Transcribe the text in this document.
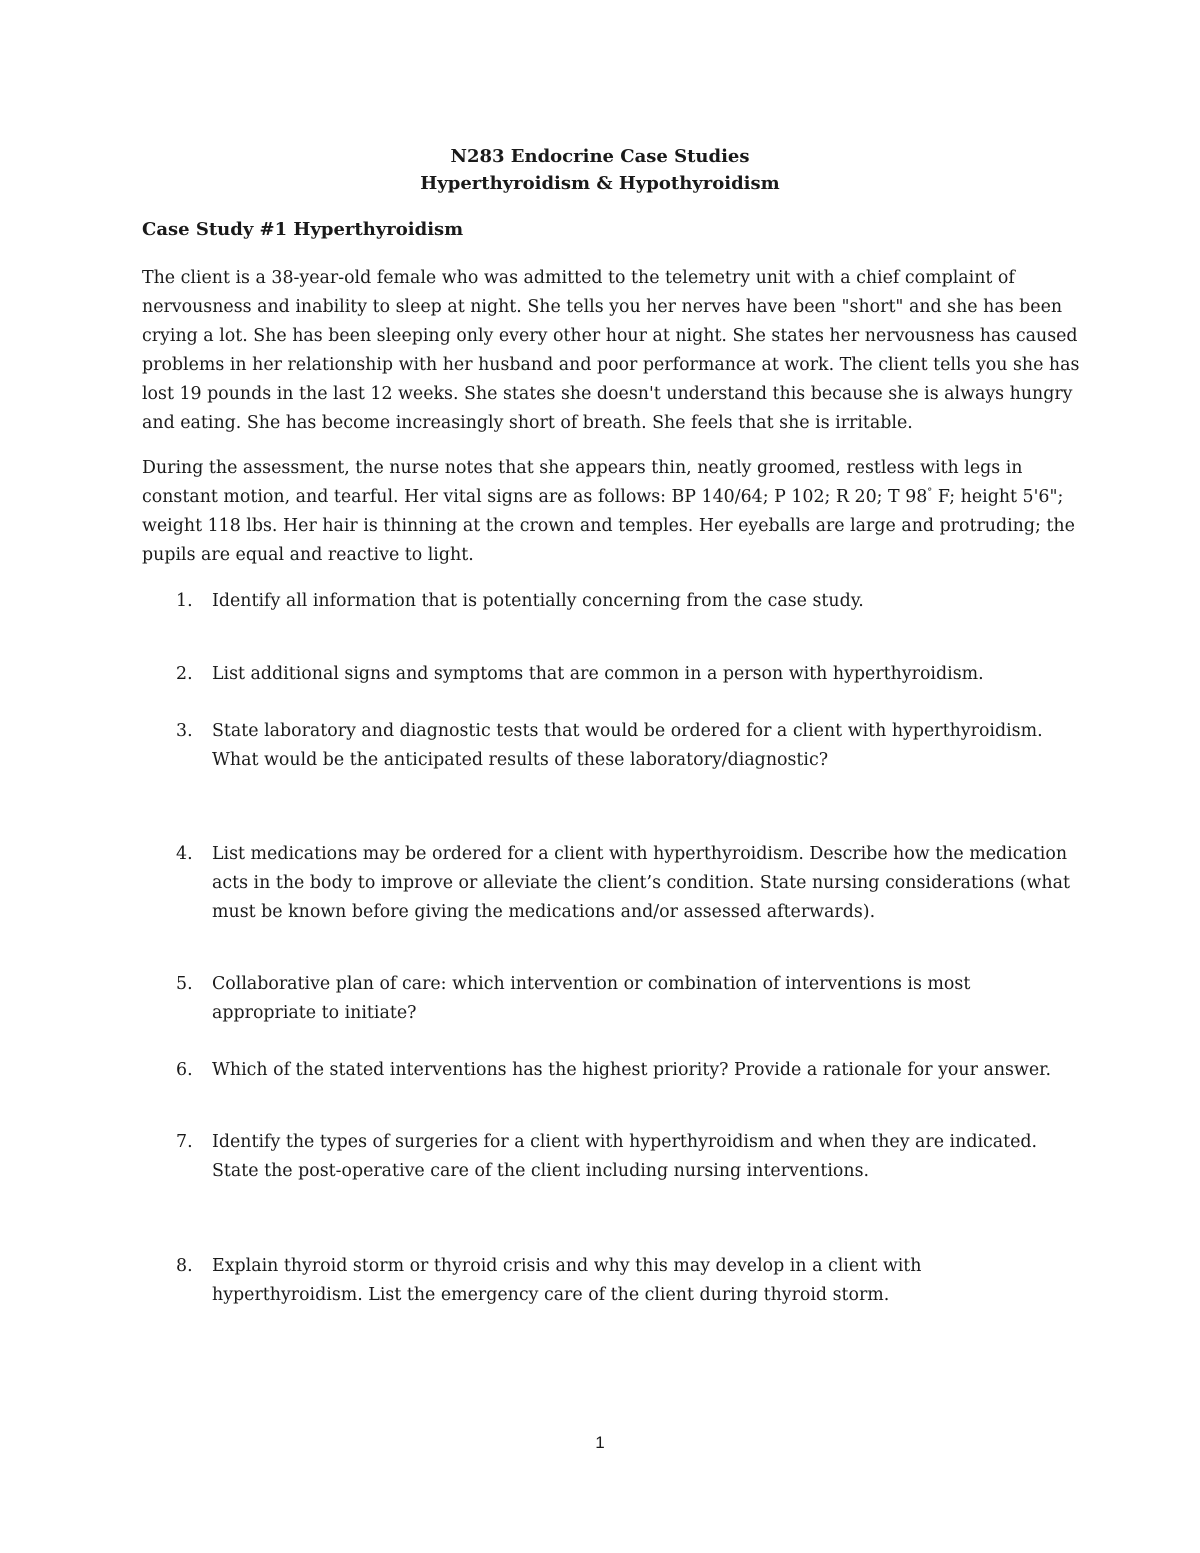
N283 Endocrine Case Studies
Hyperthyroidism & Hypothyroidism
Case Study #1 Hyperthyroidism

The client is a 38-year-old female who was admitted to the telemetry unit with a chief complaint of
nervousness and inability to sleep at night. She tells you her nerves have been "short" and she has been
crying a lot. She has been sleeping only every other hour at night. She states her nervousness has caused
problems in her relationship with her husband and poor performance at work. The client tells you she has
lost 19 pounds in the last 12 weeks. She states she doesn't understand this because she is always hungry
and eating. She has become increasingly short of breath. She feels that she is irritable.

During the assessment, the nurse notes that she appears thin, neatly groomed, restless with legs in
constant motion, and tearful. Her vital signs are as follows: BP 140/64; P 102; R 20; T 98° F; height 5'6";
weight 118 lbs. Her hair is thinning at the crown and temples. Her eyeballs are large and protruding; the
pupils are equal and reactive to light.

1.	Identify all information that is potentially concerning from the case study.
2.	List additional signs and symptoms that are common in a person with hyperthyroidism.
3.	State laboratory and diagnostic tests that would be ordered for a client with hyperthyroidism.
What would be the anticipated results of these laboratory/diagnostic?
4.	List medications may be ordered for a client with hyperthyroidism. Describe how the medication
acts in the body to improve or alleviate the client’s condition. State nursing considerations (what
must be known before giving the medications and/or assessed afterwards).
5.	Collaborative plan of care: which intervention or combination of interventions is most
appropriate to initiate?
6.	Which of the stated interventions has the highest priority? Provide a rationale for your answer.
7.	Identify the types of surgeries for a client with hyperthyroidism and when they are indicated.
State the post-operative care of the client including nursing interventions.
8.	Explain thyroid storm or thyroid crisis and why this may develop in a client with
hyperthyroidism. List the emergency care of the client during thyroid storm.
1
